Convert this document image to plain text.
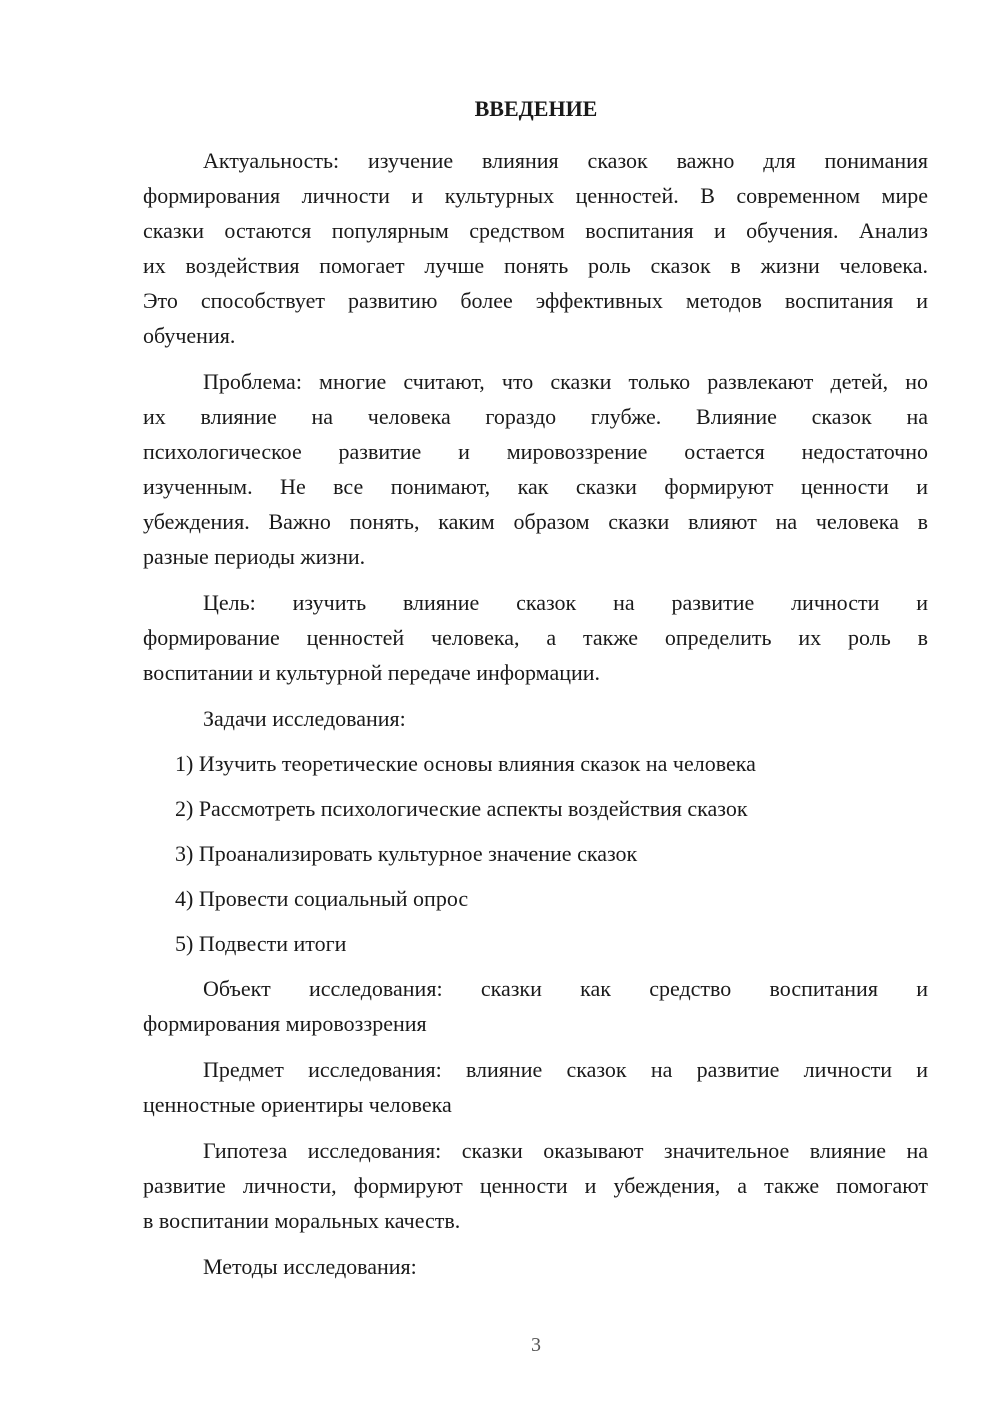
ВВЕДЕНИЕ
Актуальность: изучение влияния сказок важно для понимания
формирования личности и культурных ценностей. В современном мире
сказки остаются популярным средством воспитания и обучения. Анализ
их воздействия помогает лучше понять роль сказок в жизни человека.
Это способствует развитию более эффективных методов воспитания и
обучения.
Проблема: многие считают, что сказки только развлекают детей, но
их влияние на человека гораздо глубже. Влияние сказок на
психологическое развитие и мировоззрение остается недостаточно
изученным. Не все понимают, как сказки формируют ценности и
убеждения. Важно понять, каким образом сказки влияют на человека в
разные периоды жизни.
Цель: изучить влияние сказок на развитие личности и
формирование ценностей человека, а также определить их роль в
воспитании и культурной передаче информации.
Задачи исследования:
1) Изучить теоретические основы влияния сказок на человека
2) Рассмотреть психологические аспекты воздействия сказок
3) Проанализировать культурное значение сказок
4) Провести социальный опрос
5) Подвести итоги
Объект исследования: сказки как средство воспитания и
формирования мировоззрения
Предмет исследования: влияние сказок на развитие личности и
ценностные ориентиры человека
Гипотеза исследования: сказки оказывают значительное влияние на
развитие личности, формируют ценности и убеждения, а также помогают
в воспитании моральных качеств.
Методы исследования:
3
